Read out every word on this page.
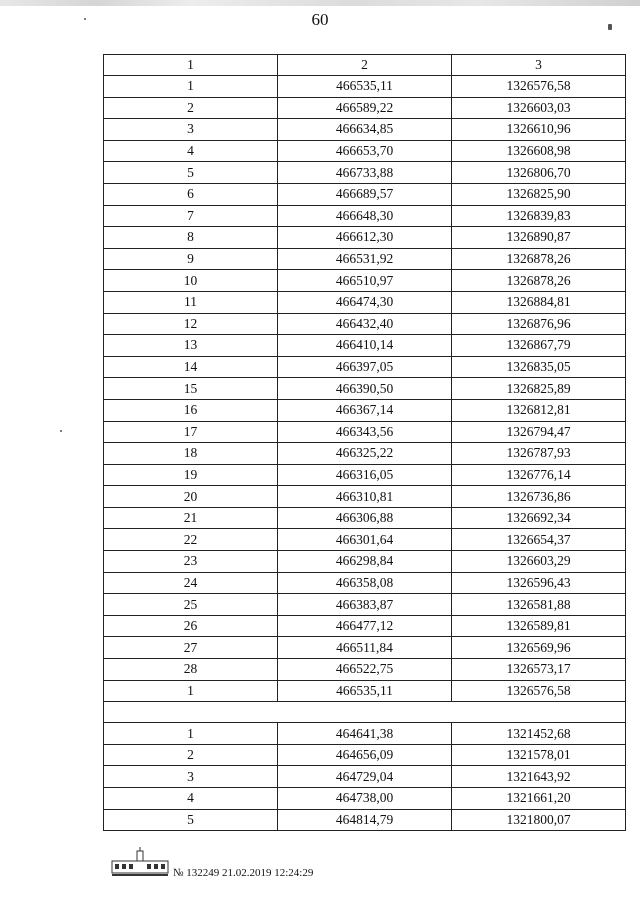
60
1	2	3
1	466535,11	1326576,58
2	466589,22	1326603,03
3	466634,85	1326610,96
4	466653,70	1326608,98
5	466733,88	1326806,70
6	466689,57	1326825,90
7	466648,30	1326839,83
8	466612,30	1326890,87
9	466531,92	1326878,26
10	466510,97	1326878,26
11	466474,30	1326884,81
12	466432,40	1326876,96
13	466410,14	1326867,79
14	466397,05	1326835,05
15	466390,50	1326825,89
16	466367,14	1326812,81
17	466343,56	1326794,47
18	466325,22	1326787,93
19	466316,05	1326776,14
20	466310,81	1326736,86
21	466306,88	1326692,34
22	466301,64	1326654,37
23	466298,84	1326603,29
24	466358,08	1326596,43
25	466383,87	1326581,88
26	466477,12	1326589,81
27	466511,84	1326569,96
28	466522,75	1326573,17
1	466535,11	1326576,58

1	464641,38	1321452,68
2	464656,09	1321578,01
3	464729,04	1321643,92
4	464738,00	1321661,20
5	464814,79	1321800,07
№ 132249 21.02.2019 12:24:29
